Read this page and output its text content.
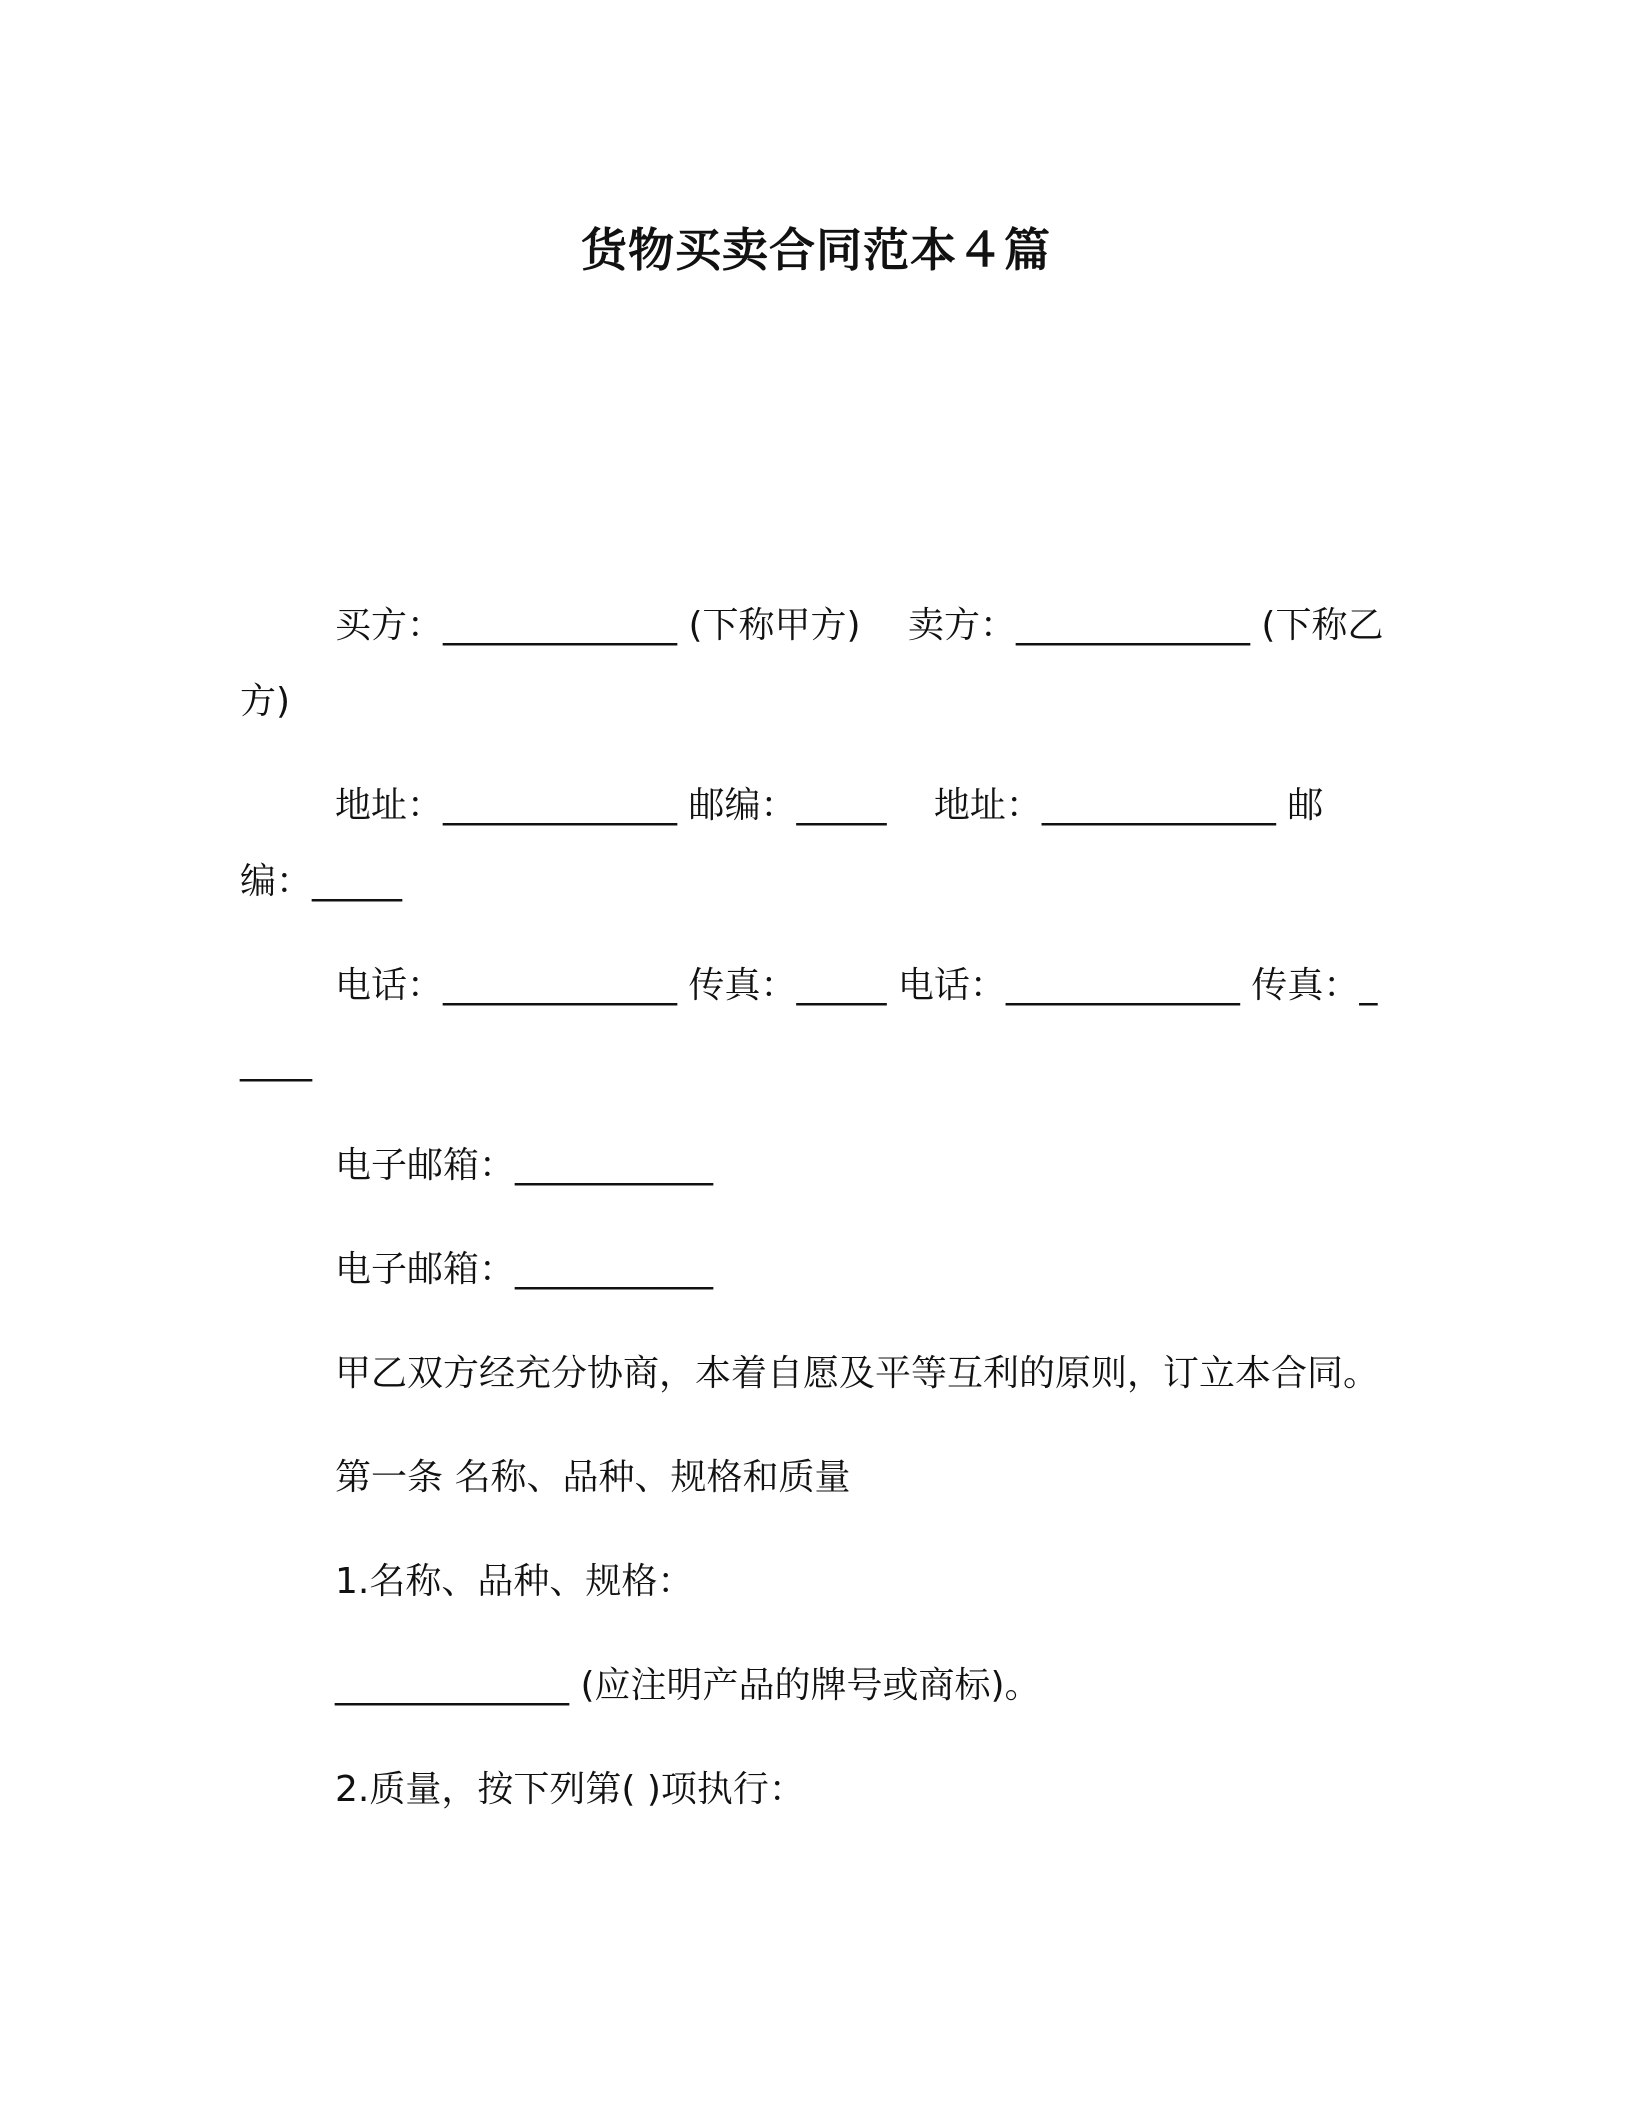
货物买卖合同范本４篇

买方：_____________ (下称甲方)　 卖方：_____________ (下称乙方)

地址：_____________ 邮编：_____　 地址：_____________ 邮编：_____

电话：_____________ 传真：_____ 电话：_____________ 传真：_____

电子邮箱：___________

电子邮箱：___________

甲乙双方经充分协商，本着自愿及平等互利的原则，订立本合同。

第一条 名称、品种、规格和质量

1.名称、品种、规格：

_____________ (应注明产品的牌号或商标)。

2.质量，按下列第( )项执行：
